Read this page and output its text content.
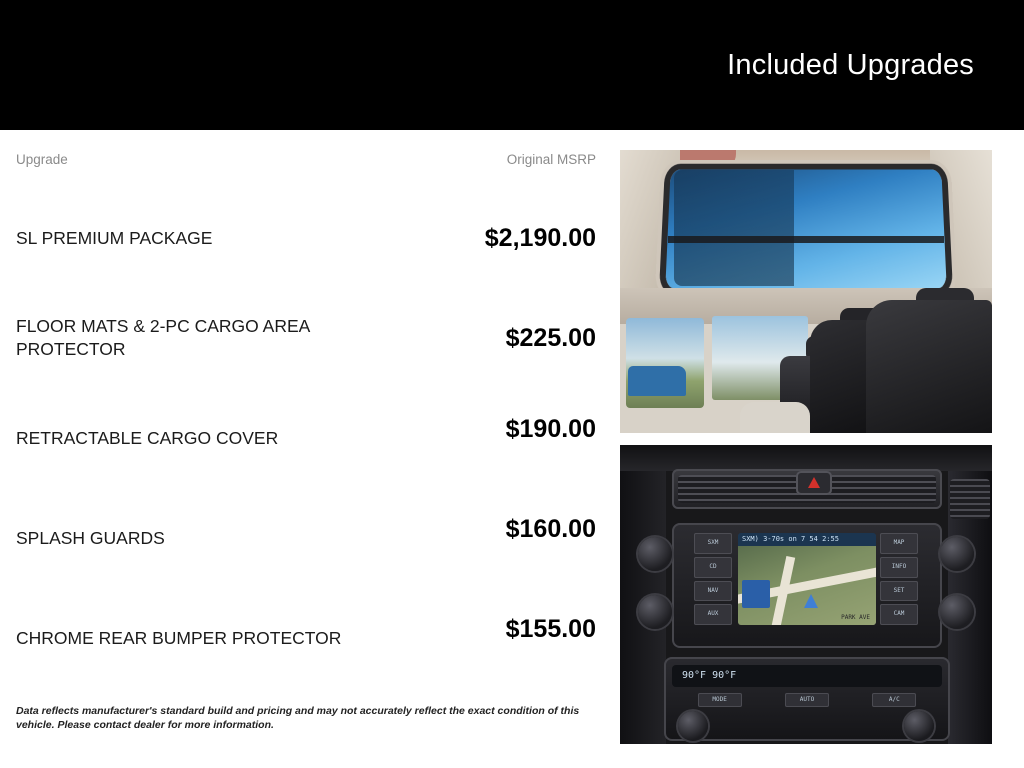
Included Upgrades
Upgrade	Original MSRP
SL PREMIUM PACKAGE	$2,190.00
FLOOR MATS & 2-PC CARGO AREA PROTECTOR	$225.00
RETRACTABLE CARGO COVER	$190.00
SPLASH GUARDS	$160.00
CHROME REAR BUMPER PROTECTOR	$155.00
Data reflects manufacturer's standard build and pricing and may not accurately reflect the exact condition of this vehicle. Please contact dealer for more information.
SXM
CD
NAV
AUX
MAP
INFO
SET
CAM
SXM) 3-70s on 7 54 2:55
PARK AVE
90°F 90°F
MODE	AUTO	A/C
